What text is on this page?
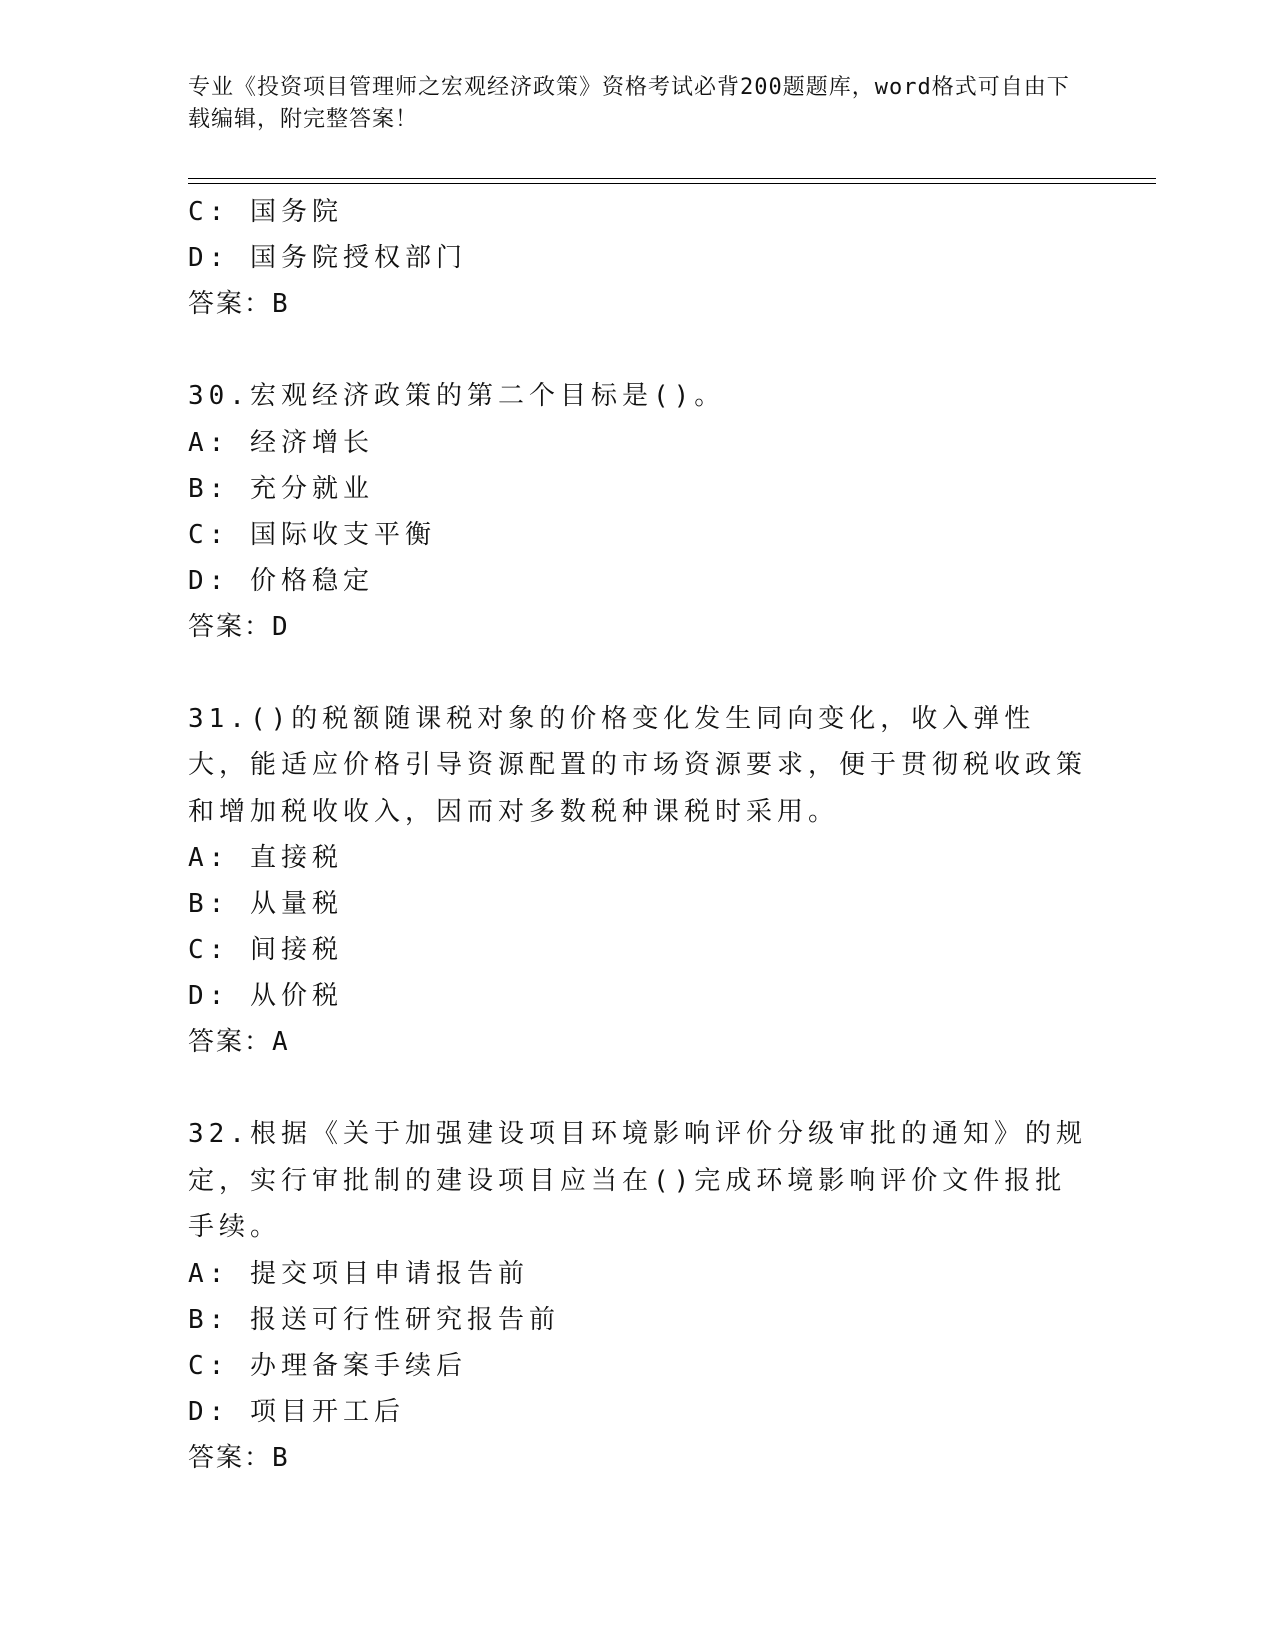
专业《投资项目管理师之宏观经济政策》资格考试必背200题题库，word格式可自由下载编辑，附完整答案！
C: 国务院
D: 国务院授权部门
答案：B

30.宏观经济政策的第二个目标是()。

A: 经济增长
B: 充分就业
C: 国际收支平衡
D: 价格稳定
答案：D

31.()的税额随课税对象的价格变化发生同向变化，收入弹性大，能适应价格引导资源配置的市场资源要求，便于贯彻税收政策和增加税收收入，因而对多数税种课税时采用。

A: 直接税
B: 从量税
C: 间接税
D: 从价税
答案：A

32.根据《关于加强建设项目环境影响评价分级审批的通知》的规定，实行审批制的建设项目应当在()完成环境影响评价文件报批手续。

A: 提交项目申请报告前
B: 报送可行性研究报告前
C: 办理备案手续后
D: 项目开工后
答案：B
